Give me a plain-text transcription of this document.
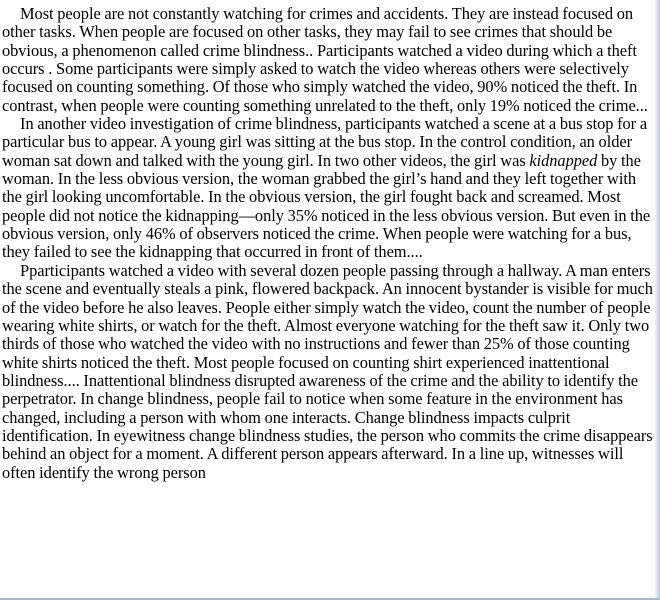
Most people are not constantly watching for crimes and accidents. They are instead focused on other tasks. When people are focused on other tasks, they may fail to see crimes that should be obvious, a phenomenon called crime blindness.. Participants watched a video during which a theft occurs . Some participants were simply asked to watch the video whereas others were selectively focused on counting something. Of those who simply watched the video, 90% noticed the theft. In contrast, when people were counting something unrelated to the theft, only 19% noticed the crime...

In another video investigation of crime blindness, participants watched a scene at a bus stop for a particular bus to appear. A young girl was sitting at the bus stop. In the control condition, an older woman sat down and talked with the young girl. In two other videos, the girl was kidnapped by the woman. In the less obvious version, the woman grabbed the girl’s hand and they left together with the girl looking uncomfortable. In the obvious version, the girl fought back and screamed. Most people did not notice the kidnapping—only 35% noticed in the less obvious version. But even in the obvious version, only 46% of observers noticed the crime. When people were watching for a bus, they failed to see the kidnapping that occurred in front of them....

Pparticipants watched a video with several dozen people passing through a hallway. A man enters the scene and eventually steals a pink, flowered backpack. An innocent bystander is visible for much of the video before he also leaves. People either simply watch the video, count the number of people wearing white shirts, or watch for the theft. Almost everyone watching for the theft saw it. Only two thirds of those who watched the video with no instructions and fewer than 25% of those counting white shirts noticed the theft. Most people focused on counting shirt experienced inattentional blindness.... Inattentional blindness disrupted awareness of the crime and the ability to identify the perpetrator. In change blindness, people fail to notice when some feature in the environment has changed, including a person with whom one interacts. Change blindness impacts culprit identification. In eyewitness change blindness studies, the person who commits the crime disappears behind an object for a moment. A different person appears afterward. In a line up, witnesses will often identify the wrong person
